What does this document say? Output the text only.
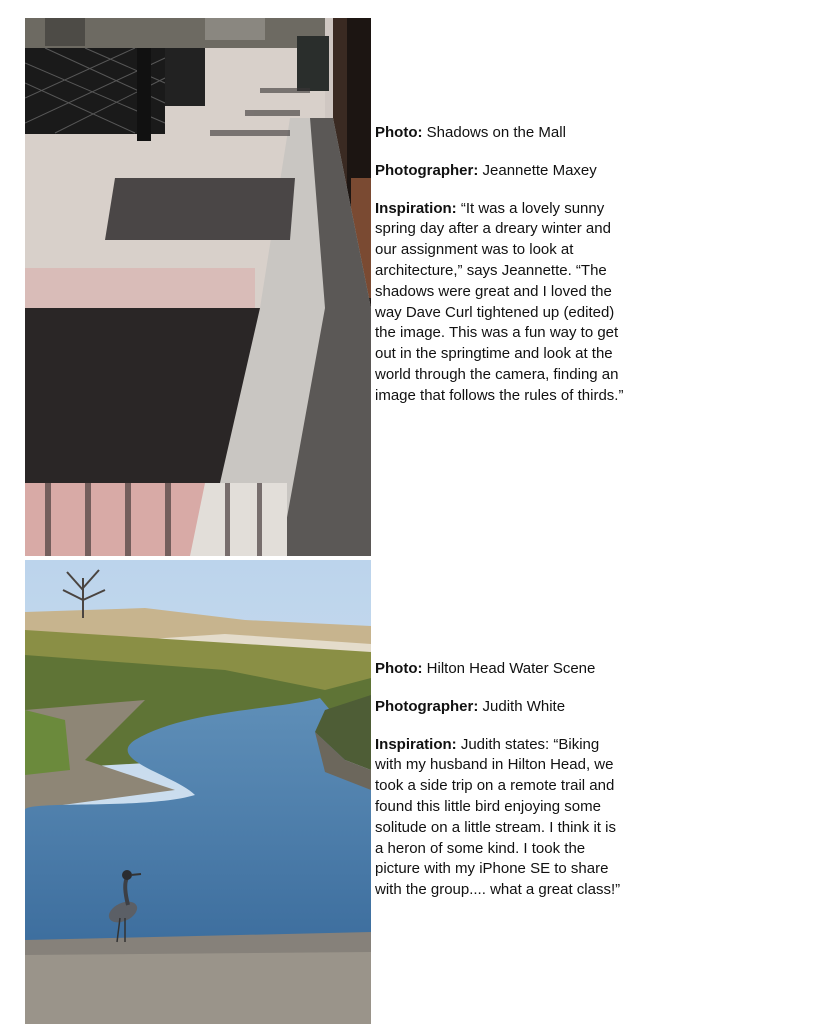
Photo: Shadows on the Mall

Photographer: Jeannette Maxey

Inspiration: “It was a lovely sunny spring day after a dreary winter and our assignment was to look at architecture,” says Jeannette. “The shadows were great and I loved the way Dave Curl tightened up (edited) the image. This was a fun way to get out in the springtime and look at the world through the camera, finding an image that follows the rules of thirds.”

Photo: Hilton Head Water Scene

Photographer: Judith White

Inspiration: Judith states: “Biking with my husband in Hilton Head, we took a side trip on a remote trail and found this little bird enjoying some solitude on a little stream. I think it is a heron of some kind. I took the picture with my iPhone SE to share with the group.... what a great class!”
